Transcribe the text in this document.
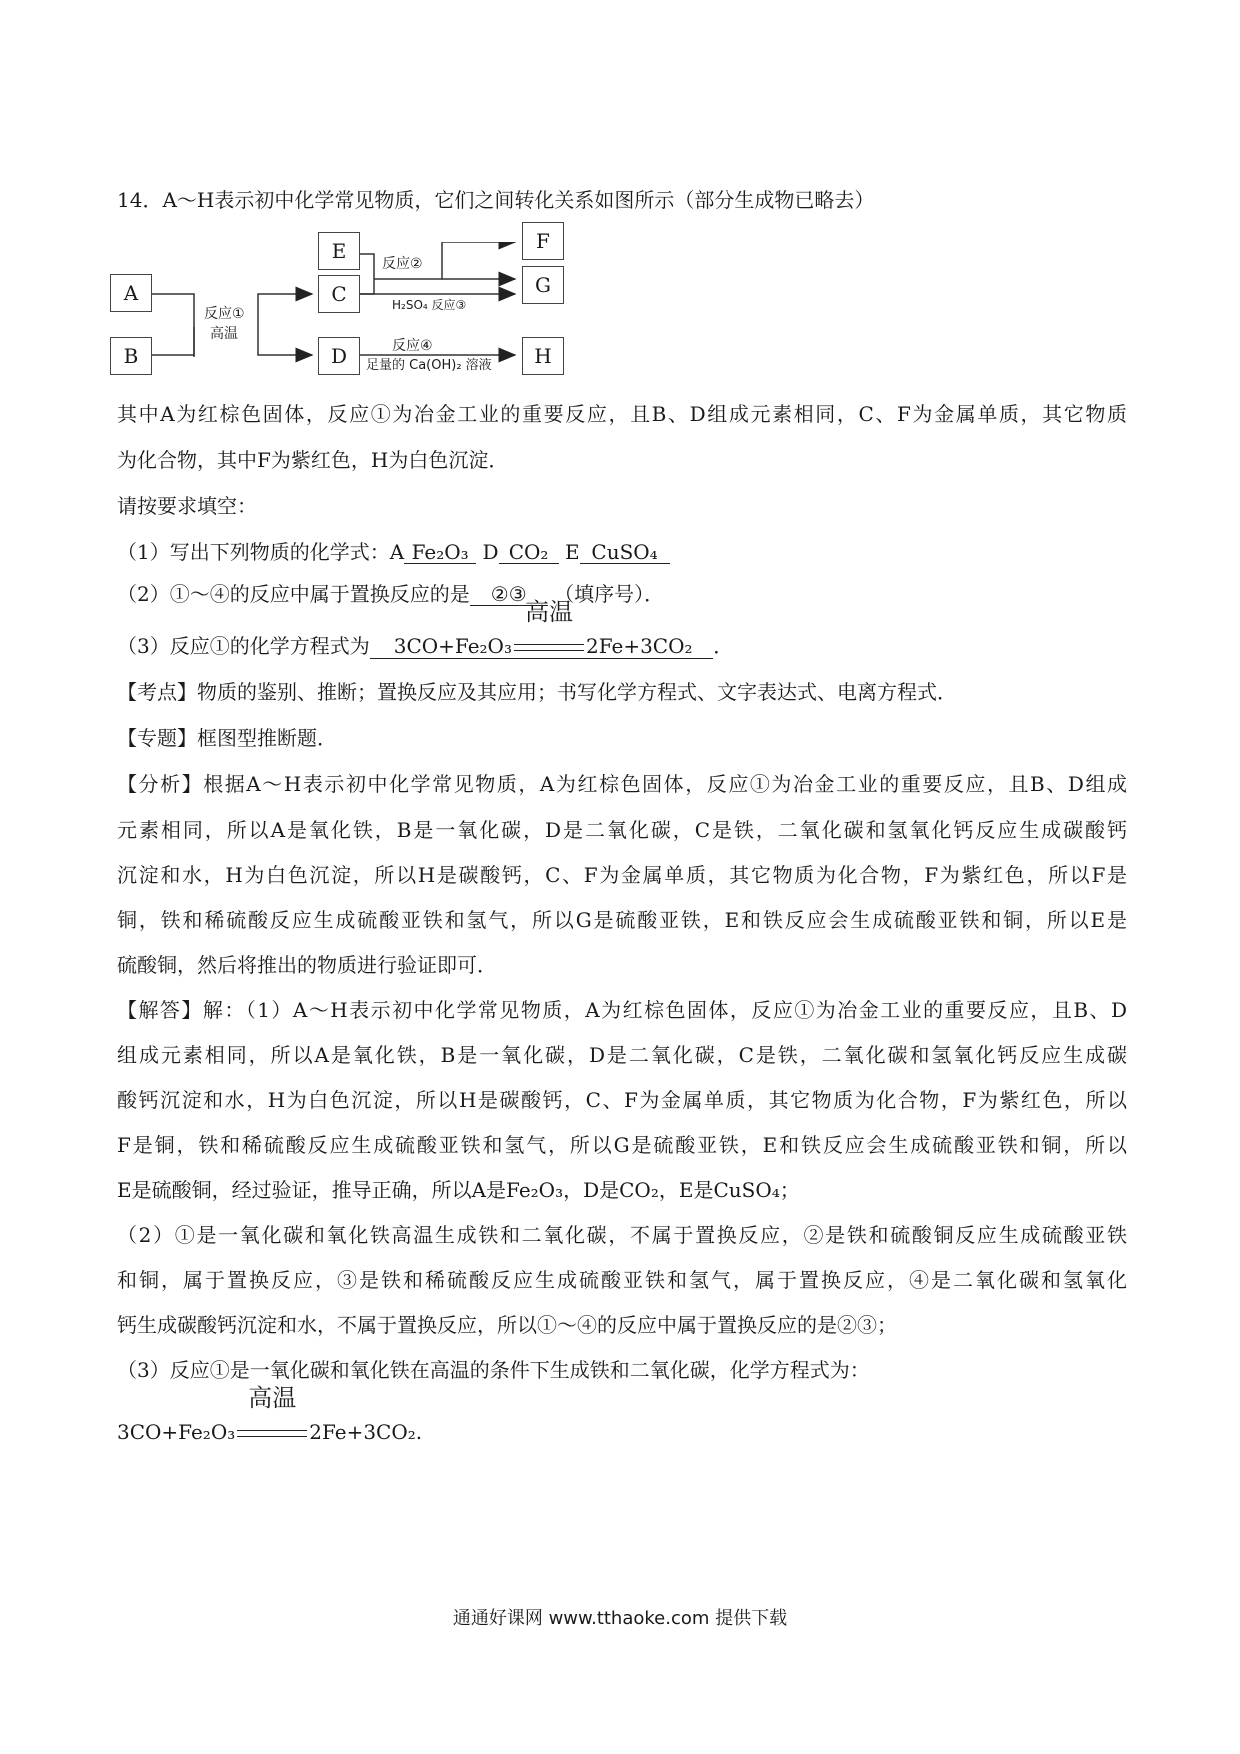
14．A～H表示初中化学常见物质，它们之间转化关系如图所示（部分生成物已略去）
A
B
E
C
D
F
G
H
反应①
高温
反应②
H₂SO₄ 反应③
反应④
足量的 Ca(OH)₂ 溶液
其中A为红棕色固体，反应①为冶金工业的重要反应，且B、D组成元素相同，C、F为金属单质，其它物质
为化合物，其中F为紫红色，H为白色沉淀．
请按要求填空：
（1）写出下列物质的化学式：A Fe₂O₃ D CO₂ E CuSO₄
（2）①～④的反应中属于置换反应的是 ②③ （填序号）．
（3）反应①的化学方程式为 3CO+Fe₂O₃
高温
2Fe+3CO₂ ．
【考点】物质的鉴别、推断；置换反应及其应用；书写化学方程式、文字表达式、电离方程式．
【专题】框图型推断题．
【分析】根据A～H表示初中化学常见物质，A为红棕色固体，反应①为冶金工业的重要反应，且B、D组成
元素相同，所以A是氧化铁，B是一氧化碳，D是二氧化碳，C是铁，二氧化碳和氢氧化钙反应生成碳酸钙
沉淀和水，H为白色沉淀，所以H是碳酸钙，C、F为金属单质，其它物质为化合物，F为紫红色，所以F是
铜，铁和稀硫酸反应生成硫酸亚铁和氢气，所以G是硫酸亚铁，E和铁反应会生成硫酸亚铁和铜，所以E是
硫酸铜，然后将推出的物质进行验证即可．
【解答】解：（1）A～H表示初中化学常见物质，A为红棕色固体，反应①为冶金工业的重要反应，且B、D
组成元素相同，所以A是氧化铁，B是一氧化碳，D是二氧化碳，C是铁，二氧化碳和氢氧化钙反应生成碳
酸钙沉淀和水，H为白色沉淀，所以H是碳酸钙，C、F为金属单质，其它物质为化合物，F为紫红色，所以
F是铜，铁和稀硫酸反应生成硫酸亚铁和氢气，所以G是硫酸亚铁，E和铁反应会生成硫酸亚铁和铜，所以
E是硫酸铜，经过验证，推导正确，所以A是Fe₂O₃，D是CO₂，E是CuSO₄；
（2）①是一氧化碳和氧化铁高温生成铁和二氧化碳，不属于置换反应，②是铁和硫酸铜反应生成硫酸亚铁
和铜，属于置换反应，③是铁和稀硫酸反应生成硫酸亚铁和氢气，属于置换反应，④是二氧化碳和氢氧化
钙生成碳酸钙沉淀和水，不属于置换反应，所以①～④的反应中属于置换反应的是②③；
（3）反应①是一氧化碳和氧化铁在高温的条件下生成铁和二氧化碳，化学方程式为：
3CO+Fe₂O₃
高温
2Fe+3CO₂.
通通好课网 www.tthaoke.com 提供下载
